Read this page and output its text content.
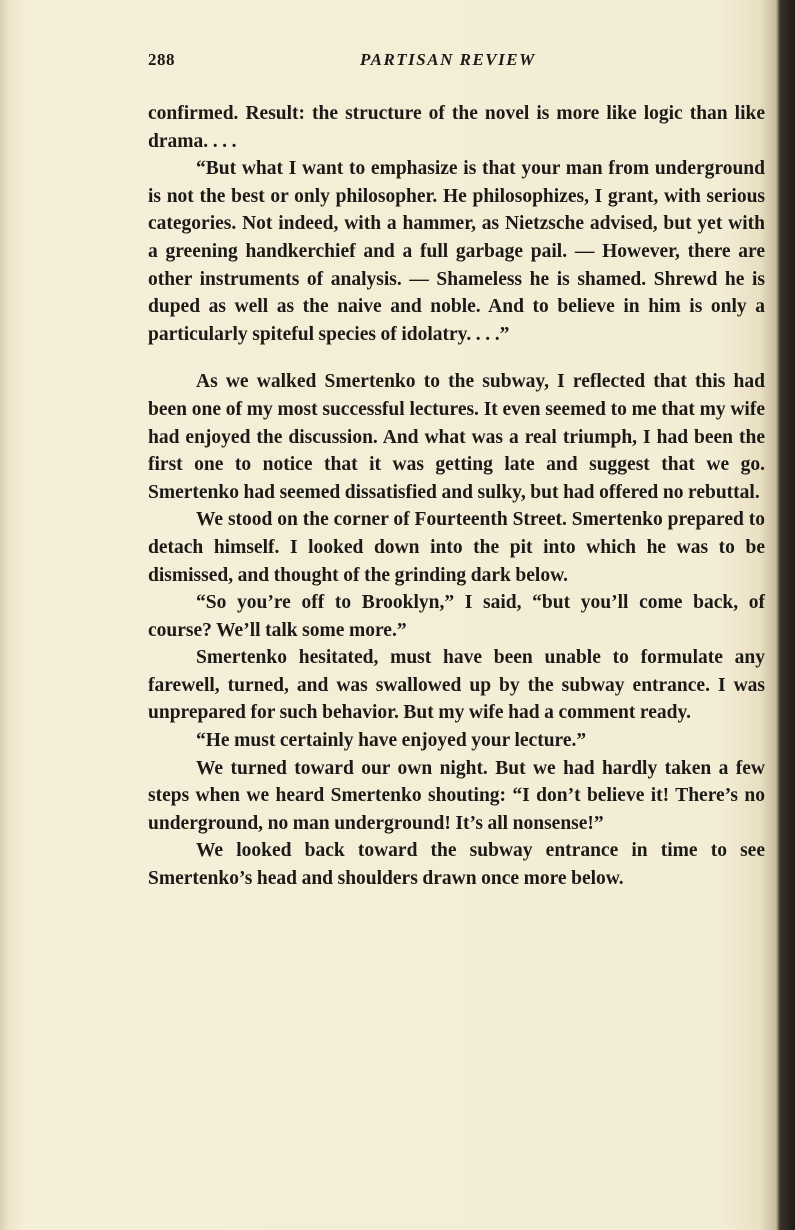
288	PARTISAN REVIEW

confirmed. Result: the structure of the novel is more like logic than like drama. . . .

“But what I want to emphasize is that your man from underground is not the best or only philosopher. He philosophizes, I grant, with serious categories. Not indeed, with a hammer, as Nietzsche advised, but yet with a greening handkerchief and a full garbage pail. — However, there are other instruments of analysis. — Shameless he is shamed. Shrewd he is duped as well as the naive and noble. And to believe in him is only a particularly spiteful species of idolatry. . . .”

As we walked Smertenko to the subway, I reflected that this had been one of my most successful lectures. It even seemed to me that my wife had enjoyed the discussion. And what was a real triumph, I had been the first one to notice that it was getting late and suggest that we go. Smertenko had seemed dissatisfied and sulky, but had offered no rebuttal.

We stood on the corner of Fourteenth Street. Smertenko prepared to detach himself. I looked down into the pit into which he was to be dismissed, and thought of the grinding dark below.

“So you’re off to Brooklyn,” I said, “but you’ll come back, of course? We’ll talk some more.”

Smertenko hesitated, must have been unable to formulate any farewell, turned, and was swallowed up by the subway entrance. I was unprepared for such behavior. But my wife had a comment ready.

“He must certainly have enjoyed your lecture.”

We turned toward our own night. But we had hardly taken a few steps when we heard Smertenko shouting: “I don’t believe it! There’s no underground, no man underground! It’s all nonsense!”

We looked back toward the subway entrance in time to see Smertenko’s head and shoulders drawn once more below.
